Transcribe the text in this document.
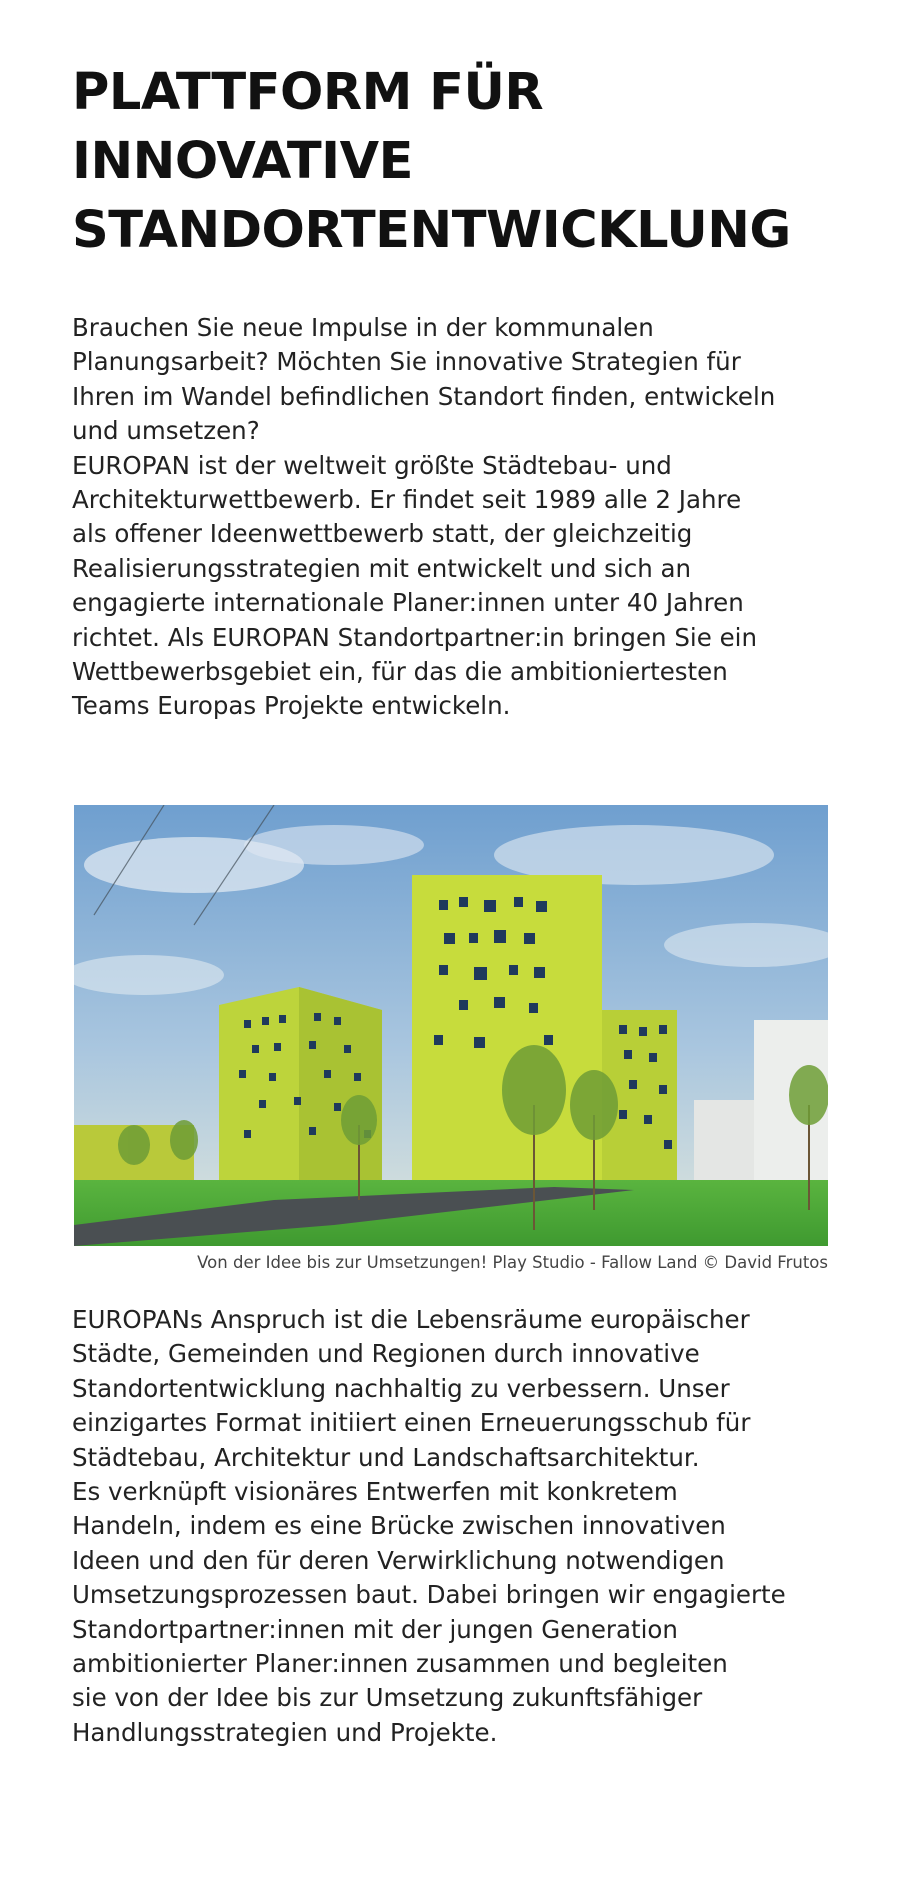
PLATTFORM FÜR
INNOVATIVE
STANDORTENTWICKLUNG
Brauchen Sie neue Impulse in der kommunalen
Planungsarbeit? Möchten Sie innovative Strategien für
Ihren im Wandel befindlichen Standort finden, entwickeln
und umsetzen?
EUROPAN ist der weltweit größte Städtebau- und
Architekturwettbewerb. Er findet seit 1989 alle 2 Jahre
als offener Ideenwettbewerb statt, der gleichzeitig
Realisierungsstrategien mit entwickelt und sich an
engagierte internationale Planer:innen unter 40 Jahren
richtet. Als EUROPAN Standortpartner:in bringen Sie ein
Wettbewerbsgebiet ein, für das die ambitioniertesten
Teams Europas Projekte entwickeln.
Von der Idee bis zur Umsetzungen! Play Studio - Fallow Land © David Frutos
EUROPANs Anspruch ist die Lebensräume europäischer
Städte, Gemeinden und Regionen durch innovative
Standortentwicklung nachhaltig zu verbessern. Unser
einzigartes Format initiiert einen Erneuerungsschub für
Städtebau, Architektur und Landschaftsarchitektur.
Es verknüpft visionäres Entwerfen mit konkretem
Handeln, indem es eine Brücke zwischen innovativen
Ideen und den für deren Verwirklichung notwendigen
Umsetzungsprozessen baut. Dabei bringen wir engagierte
Standortpartner:innen mit der jungen Generation
ambitionierter Planer:innen zusammen und begleiten
sie von der Idee bis zur Umsetzung zukunftsfähiger
Handlungsstrategien und Projekte.
